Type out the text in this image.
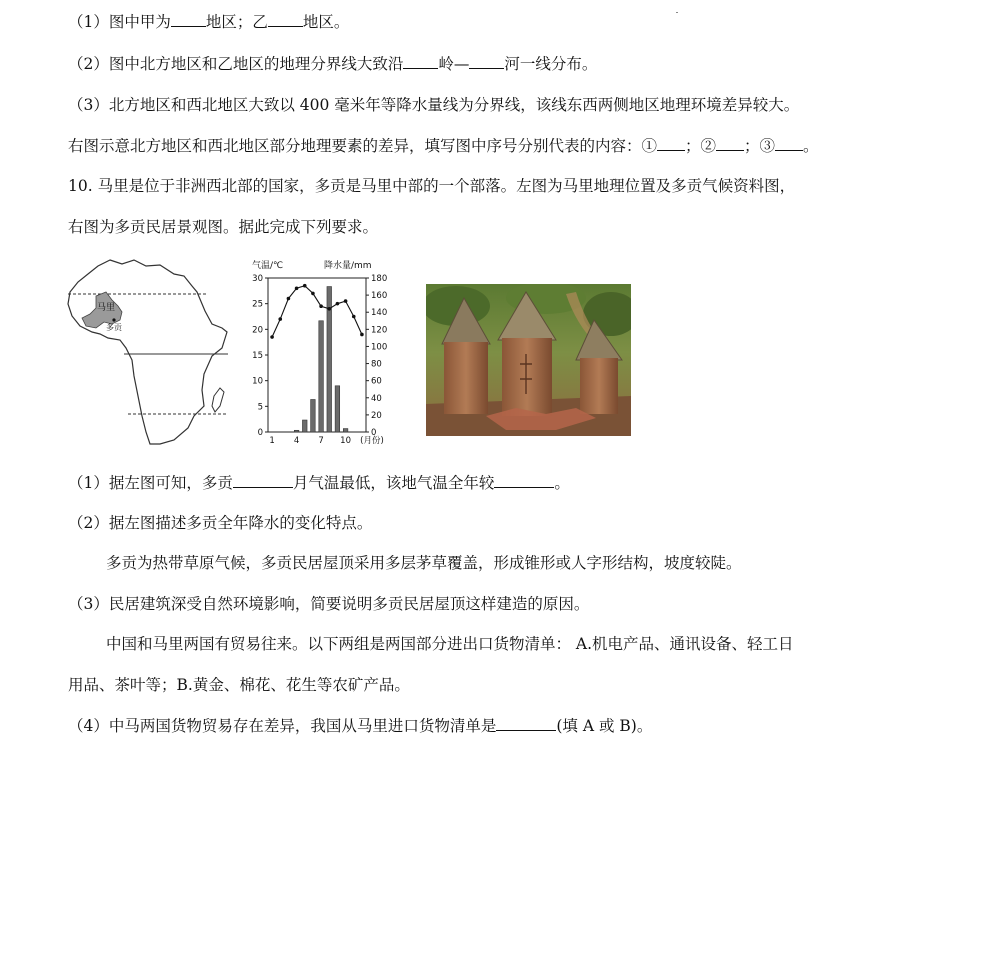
（1）图中甲为 地区；乙 地区。
（2）图中北方地区和乙地区的地理分界线大致沿 岭— 河一线分布。
（3）北方地区和西北地区大致以 400 毫米年等降水量线为分界线，该线东西两侧地区地理环境差异较大。
右图示意北方地区和西北地区部分地理要素的差异，填写图中序号分别代表的内容：① ；② ；③ 。
10. 马里是位于非洲西北部的国家，多贡是马里中部的一个部落。左图为马里地理位置及多贡气候资料图，
右图为多贡民居景观图。据此完成下列要求。
马里
多贡
气温/℃	降水量/mm
0
5
10
15
20
25
30
0
20
40
60
80
100
120
140
160
180
1 4 7 10 (月份)
（1）据左图可知，多贡	月气温最低，该地气温全年较	。
（2）据左图描述多贡全年降水的变化特点。
多贡为热带草原气候，多贡民居屋顶采用多层茅草覆盖，形成锥形或人字形结构，坡度较陡。
（3）民居建筑深受自然环境影响，简要说明多贡民居屋顶这样建造的原因。
中国和马里两国有贸易往来。以下两组是两国部分进出口货物清单： A.机电产品、通讯设备、轻工日
用品、茶叶等；B.黄金、棉花、花生等农矿产品。
（4）中马两国货物贸易存在差异，我国从马里进口货物清单是	(填 A 或 B)。
